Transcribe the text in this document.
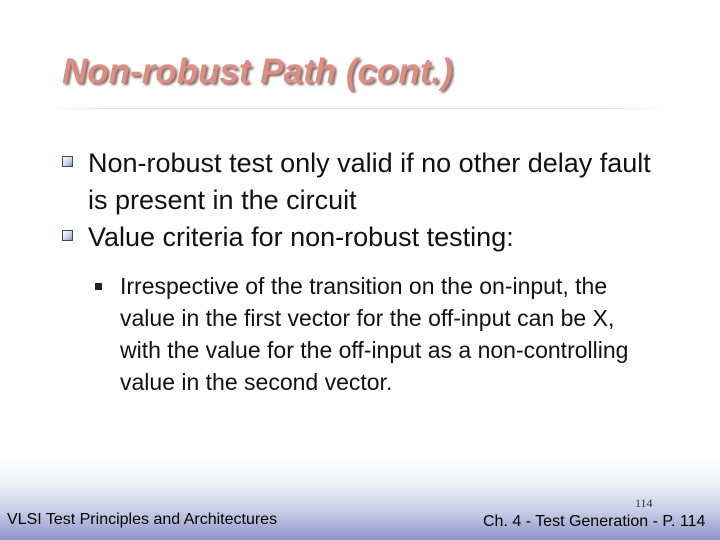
Non-robust Path (cont.)
Non-robust test only valid if no other delay fault is present in the circuit
Value criteria for non-robust testing:
Irrespective of the transition on the on-input, the value in the first vector for the off-input can be X, with the value for the off-input as a non-controlling value in the second vector.
VLSI Test Principles and Architectures
114
Ch. 4 - Test Generation - P. 114
